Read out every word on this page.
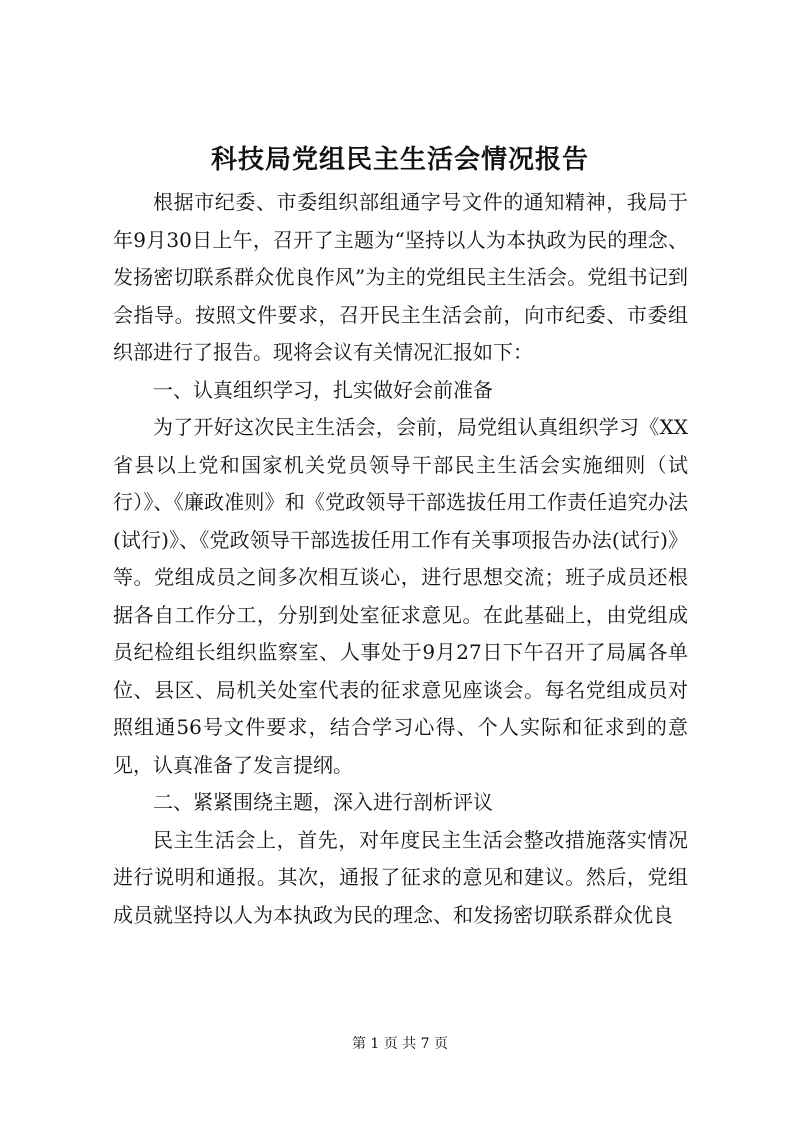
科技局党组民主生活会情况报告

根据市纪委、市委组织部组通字号文件的通知精神，我局于年9月30日上午，召开了主题为“坚持以人为本执政为民的理念、发扬密切联系群众优良作风”为主的党组民主生活会。党组书记到会指导。按照文件要求，召开民主生活会前，向市纪委、市委组织部进行了报告。现将会议有关情况汇报如下：

一、认真组织学习，扎实做好会前准备

为了开好这次民主生活会，会前，局党组认真组织学习《XX省县以上党和国家机关党员领导干部民主生活会实施细则（试行）》、《廉政准则》和《党政领导干部选拔任用工作责任追究办法(试行)》、《党政领导干部选拔任用工作有关事项报告办法(试行)》等。党组成员之间多次相互谈心，进行思想交流；班子成员还根据各自工作分工，分别到处室征求意见。在此基础上，由党组成员纪检组长组织监察室、人事处于9月27日下午召开了局属各单位、县区、局机关处室代表的征求意见座谈会。每名党组成员对照组通56号文件要求，结合学习心得、个人实际和征求到的意见，认真准备了发言提纲。

二、紧紧围绕主题，深入进行剖析评议

民主生活会上，首先，对年度民主生活会整改措施落实情况进行说明和通报。其次，通报了征求的意见和建议。然后，党组成员就坚持以人为本执政为民的理念、和发扬密切联系群众优良

第 1 页 共 7 页
